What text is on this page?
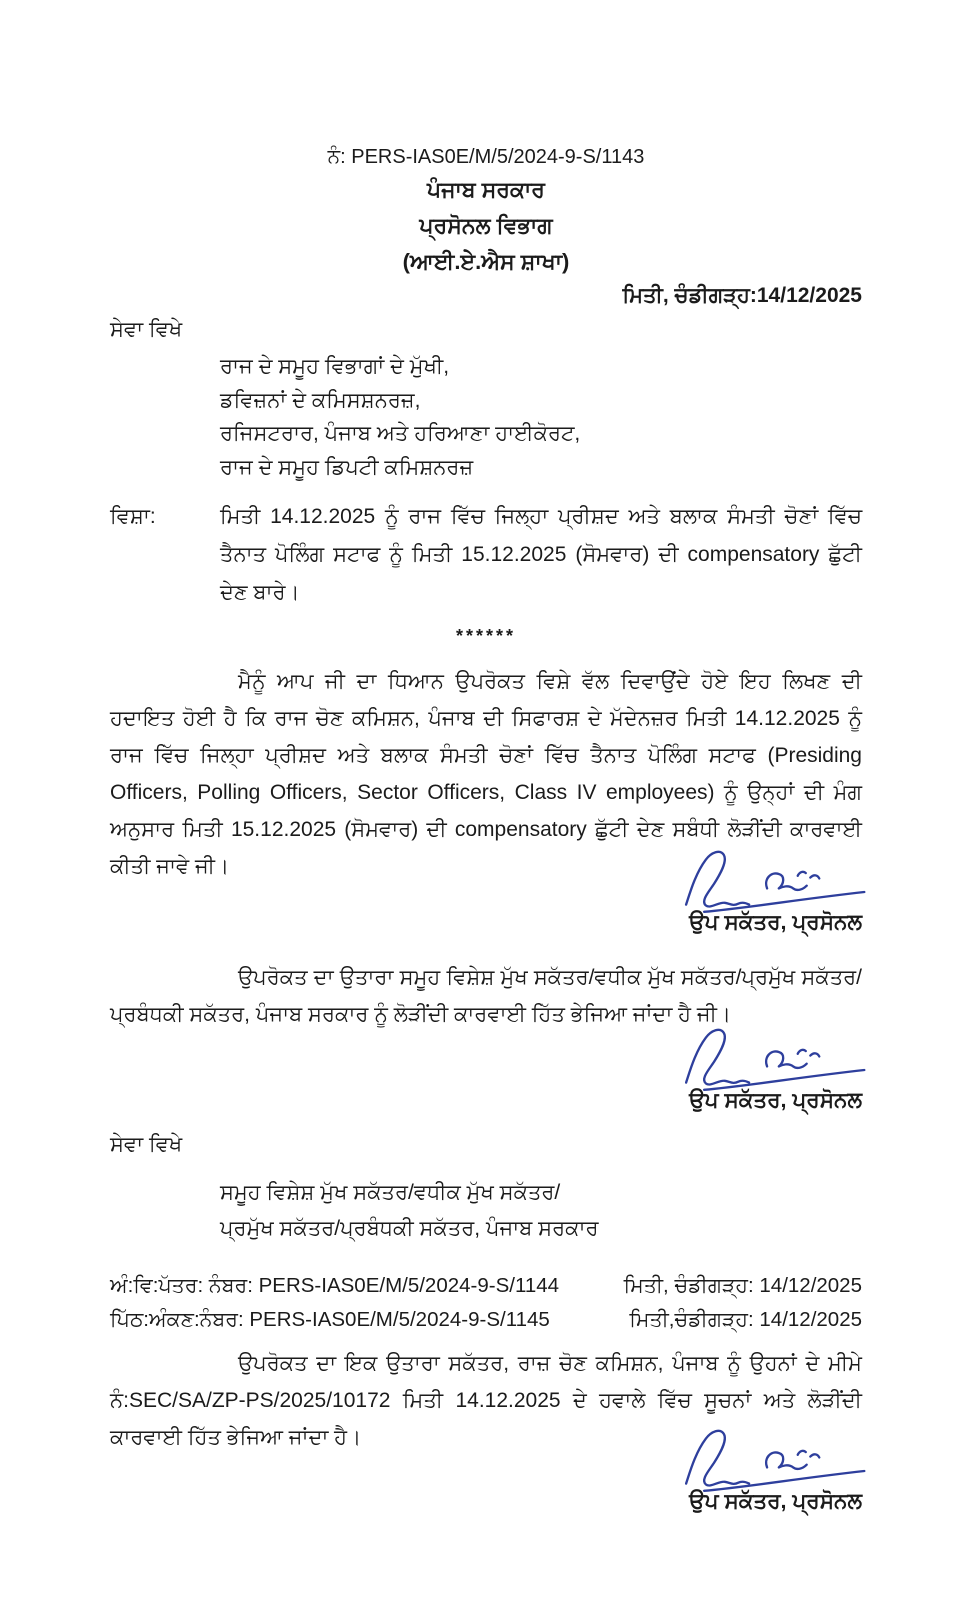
ਨੰ: PERS-IAS0E/M/5/2024-9-S/1143
ਪੰਜਾਬ ਸਰਕਾਰ
ਪ੍ਰਸੋਨਲ ਵਿਭਾਗ
(ਆਈ.ਏ.ਐਸ ਸ਼ਾਖਾ)
ਮਿਤੀ, ਚੰਡੀਗੜ੍ਹ:14/12/2025
ਸੇਵਾ ਵਿਖੇ
ਰਾਜ ਦੇ ਸਮੂਹ ਵਿਭਾਗਾਂ ਦੇ ਮੁੱਖੀ,
ਡਵਿਜ਼ਨਾਂ ਦੇ ਕਮਿਸਸ਼ਨਰਜ਼,
ਰਜਿਸਟਰਾਰ, ਪੰਜਾਬ ਅਤੇ ਹਰਿਆਣਾ ਹਾਈਕੋਰਟ,
ਰਾਜ ਦੇ ਸਮੂਹ ਡਿਪਟੀ ਕਮਿਸ਼ਨਰਜ਼
ਵਿਸ਼ਾ:	ਮਿਤੀ 14.12.2025 ਨੂੰ ਰਾਜ ਵਿੱਚ ਜਿਲ੍ਹਾ ਪ੍ਰੀਸ਼ਦ ਅਤੇ ਬਲਾਕ ਸੰਮਤੀ ਚੋਣਾਂ ਵਿੱਚ ਤੈਨਾਤ ਪੋਲਿੰਗ ਸਟਾਫ ਨੂੰ ਮਿਤੀ 15.12.2025 (ਸੋਮਵਾਰ) ਦੀ compensatory ਛੁੱਟੀ ਦੇਣ ਬਾਰੇ।
******

ਮੈਨੂੰ ਆਪ ਜੀ ਦਾ ਧਿਆਨ ਉਪਰੋਕਤ ਵਿਸ਼ੇ ਵੱਲ ਦਿਵਾਉਂਦੇ ਹੋਏ ਇਹ ਲਿਖਣ ਦੀ ਹਦਾਇਤ ਹੋਈ ਹੈ ਕਿ ਰਾਜ ਚੋਣ ਕਮਿਸ਼ਨ, ਪੰਜਾਬ ਦੀ ਸਿਫਾਰਸ਼ ਦੇ ਮੱਦੇਨਜ਼ਰ ਮਿਤੀ 14.12.2025 ਨੂੰ ਰਾਜ ਵਿੱਚ ਜਿਲ੍ਹਾ ਪ੍ਰੀਸ਼ਦ ਅਤੇ ਬਲਾਕ ਸੰਮਤੀ ਚੋਣਾਂ ਵਿੱਚ ਤੈਨਾਤ ਪੋਲਿੰਗ ਸਟਾਫ (Presiding Officers, Polling Officers, Sector Officers, Class IV employees) ਨੂੰ ਉਨ੍ਹਾਂ ਦੀ ਮੰਗ ਅਨੁਸਾਰ ਮਿਤੀ 15.12.2025 (ਸੋਮਵਾਰ) ਦੀ compensatory ਛੁੱਟੀ ਦੇਣ ਸਬੰਧੀ ਲੋੜੀਂਦੀ ਕਾਰਵਾਈ ਕੀਤੀ ਜਾਵੇ ਜੀ।

ਉਪ ਸਕੱਤਰ, ਪ੍ਰਸੋਨਲ

ਉਪਰੋਕਤ ਦਾ ਉਤਾਰਾ ਸਮੂਹ ਵਿਸ਼ੇਸ਼ ਮੁੱਖ ਸਕੱਤਰ/ਵਧੀਕ ਮੁੱਖ ਸਕੱਤਰ/ਪ੍ਰਮੁੱਖ ਸਕੱਤਰ/ਪ੍ਰਬੰਧਕੀ ਸਕੱਤਰ, ਪੰਜਾਬ ਸਰਕਾਰ ਨੂੰ ਲੋੜੀਂਦੀ ਕਾਰਵਾਈ ਹਿੱਤ ਭੇਜਿਆ ਜਾਂਦਾ ਹੈ ਜੀ।

ਉਪ ਸਕੱਤਰ, ਪ੍ਰਸੋਨਲ
ਸੇਵਾ ਵਿਖੇ
ਸਮੂਹ ਵਿਸ਼ੇਸ਼ ਮੁੱਖ ਸਕੱਤਰ/ਵਧੀਕ ਮੁੱਖ ਸਕੱਤਰ/
ਪ੍ਰਮੁੱਖ ਸਕੱਤਰ/ਪ੍ਰਬੰਧਕੀ ਸਕੱਤਰ, ਪੰਜਾਬ ਸਰਕਾਰ
ਅੰ:ਵਿ:ਪੱਤਰ: ਨੰਬਰ: PERS-IAS0E/M/5/2024-9-S/1144	ਮਿਤੀ, ਚੰਡੀਗੜ੍ਹ: 14/12/2025
ਪਿੱਠ:ਅੰਕਣ:ਨੰਬਰ: PERS-IAS0E/M/5/2024-9-S/1145	ਮਿਤੀ,ਚੰਡੀਗੜ੍ਹ: 14/12/2025

ਉਪਰੋਕਤ ਦਾ ਇਕ ਉਤਾਰਾ ਸਕੱਤਰ, ਰਾਜ਼ ਚੋਣ ਕਮਿਸ਼ਨ, ਪੰਜਾਬ ਨੂੰ ਉਹਨਾਂ ਦੇ ਮੀਮੇ ਨੰ:SEC/SA/ZP-PS/2025/10172 ਮਿਤੀ 14.12.2025 ਦੇ ਹਵਾਲੇ ਵਿੱਚ ਸੂਚਨਾਂ ਅਤੇ ਲੋੜੀਂਦੀ ਕਾਰਵਾਈ ਹਿੱਤ ਭੇਜਿਆ ਜਾਂਦਾ ਹੈ।

ਉਪ ਸਕੱਤਰ, ਪ੍ਰਸੋਨਲ
